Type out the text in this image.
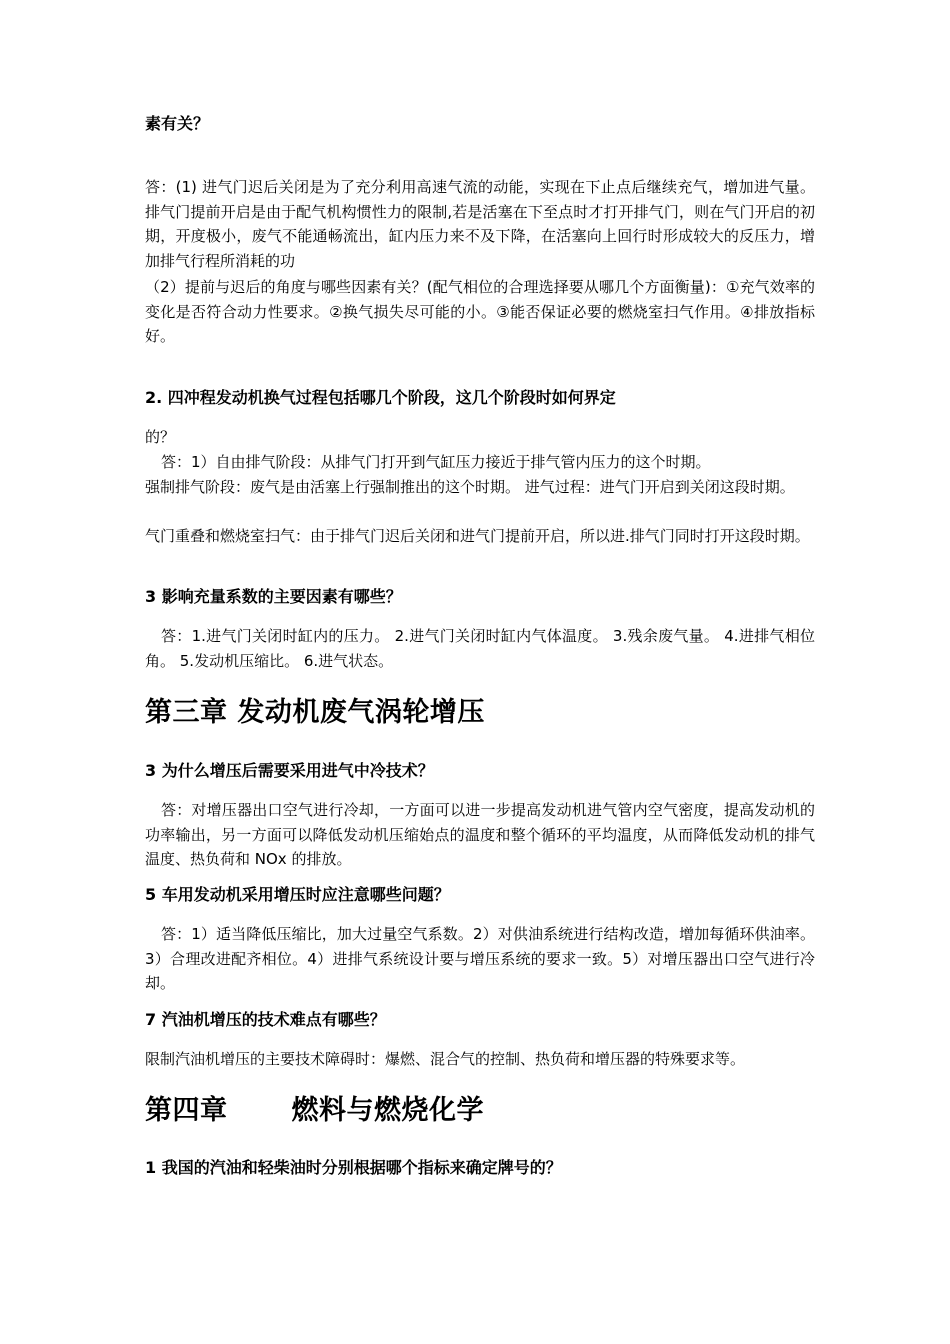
素有关？

答：(1) 进气门迟后关闭是为了充分利用高速气流的动能，实现在下止点后继续充气，增加进气量。排气门提前开启是由于配气机构惯性力的限制,若是活塞在下至点时才打开排气门，则在气门开启的初期，开度极小，废气不能通畅流出，缸内压力来不及下降，在活塞向上回行时形成较大的反压力，增加排气行程所消耗的功

（2）提前与迟后的角度与哪些因素有关？(配气相位的合理选择要从哪几个方面衡量)：①充气效率的变化是否符合动力性要求。②换气损失尽可能的小。③能否保证必要的燃烧室扫气作用。④排放指标好。

2. 四冲程发动机换气过程包括哪几个阶段，这几个阶段时如何界定

的？

答：1）自由排气阶段：从排气门打开到气缸压力接近于排气管内压力的这个时期。

强制排气阶段：废气是由活塞上行强制推出的这个时期。 进气过程：进气门开启到关闭这段时期。

气门重叠和燃烧室扫气：由于排气门迟后关闭和进气门提前开启，所以进.排气门同时打开这段时期。

3 影响充量系数的主要因素有哪些？

答：1.进气门关闭时缸内的压力。 2.进气门关闭时缸内气体温度。 3.残余废气量。 4.进排气相位角。 5.发动机压缩比。 6.进气状态。

第三章 发动机废气涡轮增压

3 为什么增压后需要采用进气中冷技术？

答：对增压器出口空气进行冷却，一方面可以进一步提高发动机进气管内空气密度，提高发动机的功率输出，另一方面可以降低发动机压缩始点的温度和整个循环的平均温度，从而降低发动机的排气温度、热负荷和 NOx 的排放。

5 车用发动机采用增压时应注意哪些问题？

答：1）适当降低压缩比，加大过量空气系数。2）对供油系统进行结构改造，增加每循环供油率。3）合理改进配齐相位。4）进排气系统设计要与增压系统的要求一致。5）对增压器出口空气进行冷却。

7 汽油机增压的技术难点有哪些？

限制汽油机增压的主要技术障碍时：爆燃、混合气的控制、热负荷和增压器的特殊要求等。

第四章 燃料与燃烧化学

1 我国的汽油和轻柴油时分别根据哪个指标来确定牌号的？
